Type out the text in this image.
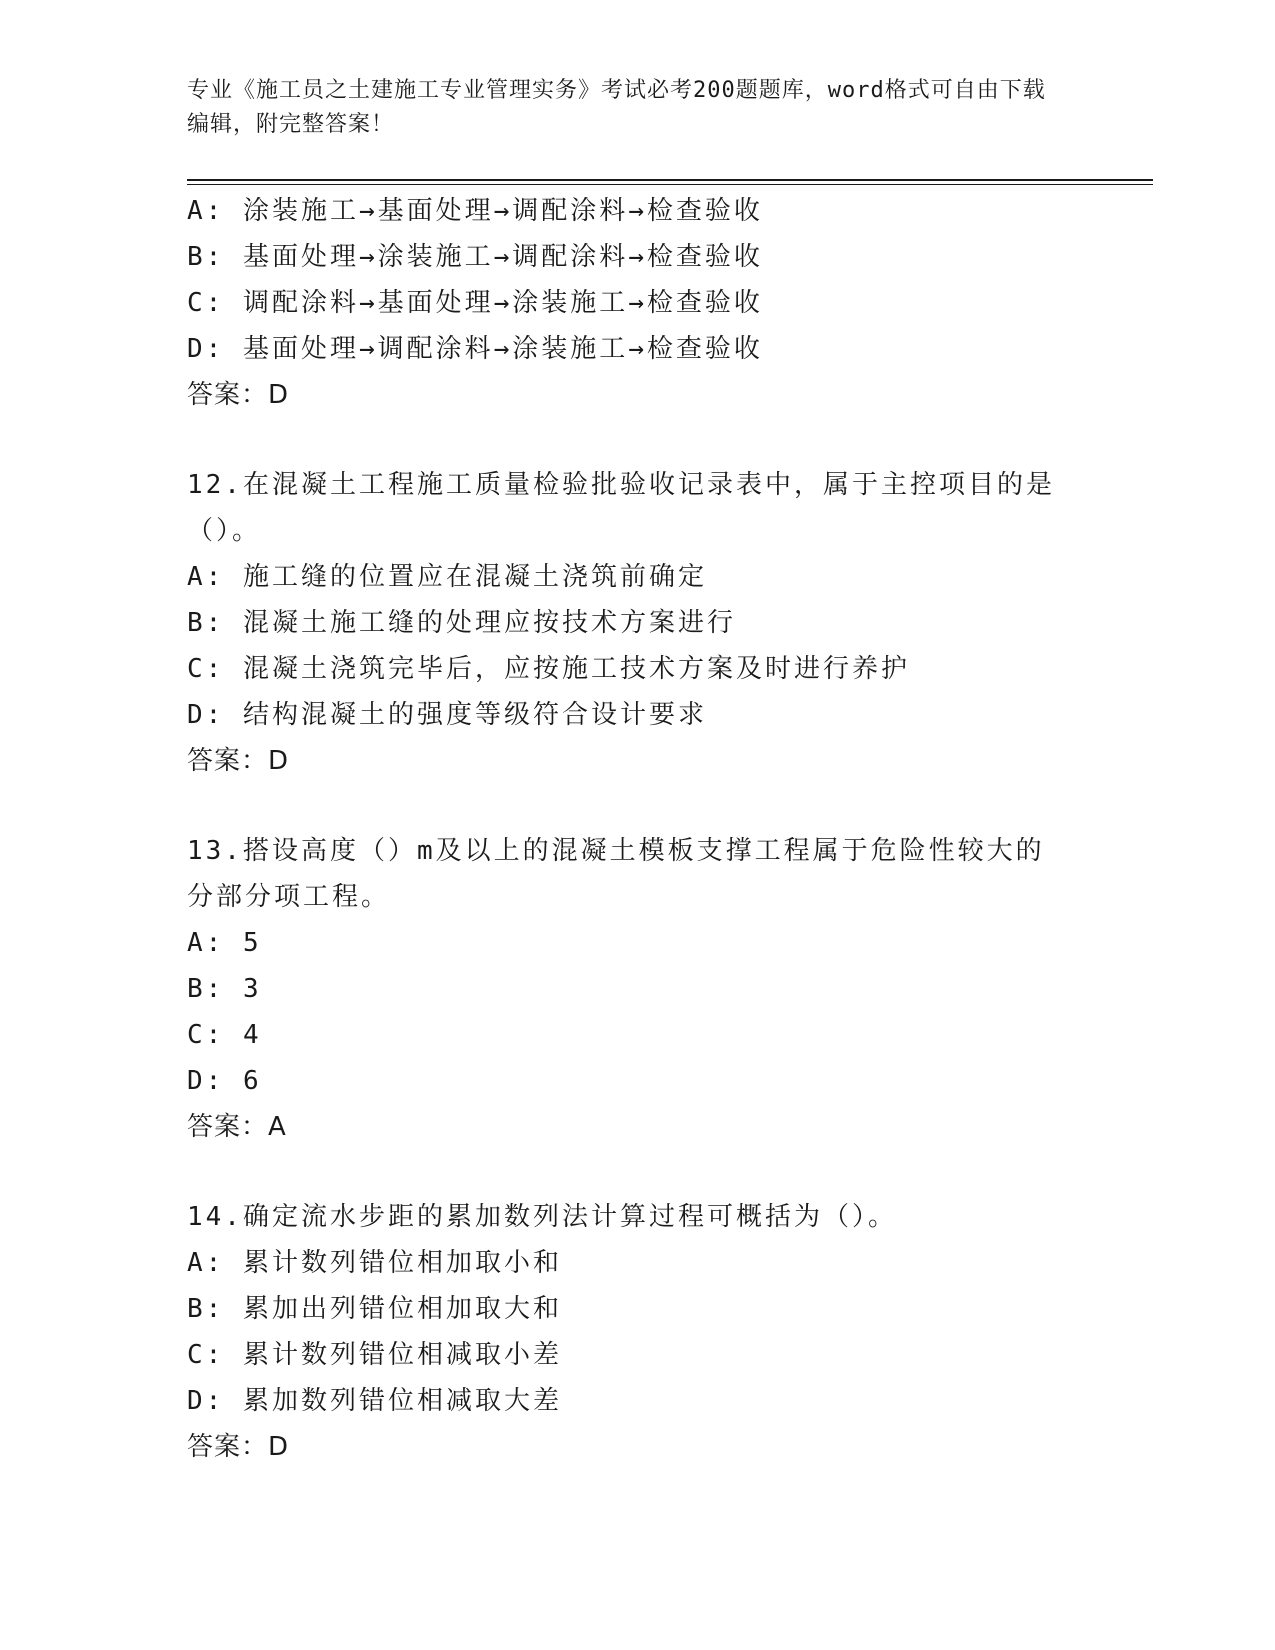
专业《施工员之土建施工专业管理实务》考试必考200题题库，word格式可自由下载编辑，附完整答案！
A: 涂装施工→基面处理→调配涂料→检查验收
B: 基面处理→涂装施工→调配涂料→检查验收
C: 调配涂料→基面处理→涂装施工→检查验收
D: 基面处理→调配涂料→涂装施工→检查验收
答案：D
12.在混凝土工程施工质量检验批验收记录表中，属于主控项目的是（）。
A: 施工缝的位置应在混凝土浇筑前确定
B: 混凝土施工缝的处理应按技术方案进行
C: 混凝土浇筑完毕后，应按施工技术方案及时进行养护
D: 结构混凝土的强度等级符合设计要求
答案：D
13.搭设高度（）m及以上的混凝土模板支撑工程属于危险性较大的分部分项工程。
A: 5
B: 3
C: 4
D: 6
答案：A
14.确定流水步距的累加数列法计算过程可概括为（）。
A: 累计数列错位相加取小和
B: 累加出列错位相加取大和
C: 累计数列错位相减取小差
D: 累加数列错位相减取大差
答案：D
